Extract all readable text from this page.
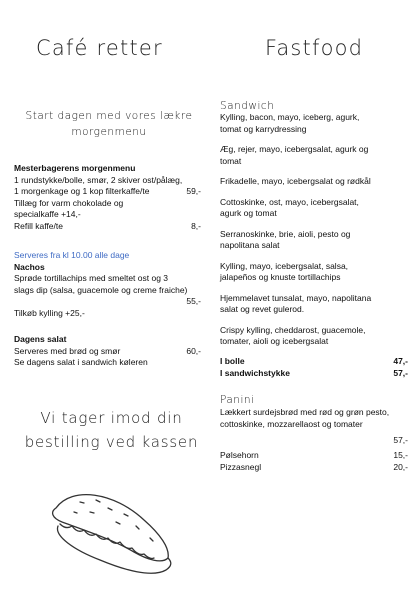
Café retter
Start dagen med vores lækre
morgenmenu
Mesterbagerens morgenmenu
1 rundstykke/bolle, smør, 2 skiver ost/pålæg,
1 morgenkage og 1 kop filterkaffe/te	59,-
Tillæg for varm chokolade og
specialkaffe +14,-
Refill kaffe/te	8,-
Serveres fra kl 10.00 alle dage
Nachos
Sprøde tortillachips med smeltet ost og 3
slags dip (salsa, guacemole og creme fraiche)
55,-
Tilkøb kylling +25,-
Dagens salat
Serveres med brød og smør	60,-
Se dagens salat i sandwich køleren
Vi tager imod din
bestilling ved kassen
Fastfood
Sandwich
Kylling, bacon, mayo, iceberg, agurk,
tomat og karrydressing
Æg, rejer, mayo, icebergsalat, agurk og
tomat
Frikadelle, mayo, icebergsalat og rødkål
Cottoskinke, ost, mayo, icebergsalat,
agurk og tomat
Serranoskinke, brie, aioli, pesto og
napolitana salat
Kylling, mayo, icebergsalat, salsa,
jalapeños og knuste tortillachips
Hjemmelavet tunsalat, mayo, napolitana
salat og revet gulerod.
Crispy kylling, cheddarost, guacemole,
tomater, aioli og icebergsalat
I bolle	47,-
I sandwichstykke	57,-
Panini
Lækkert surdejsbrød med rød og grøn pesto,
cottoskinke, mozzarellaost og tomater
57,-
Pølsehorn	15,-
Pizzasnegl	20,-
